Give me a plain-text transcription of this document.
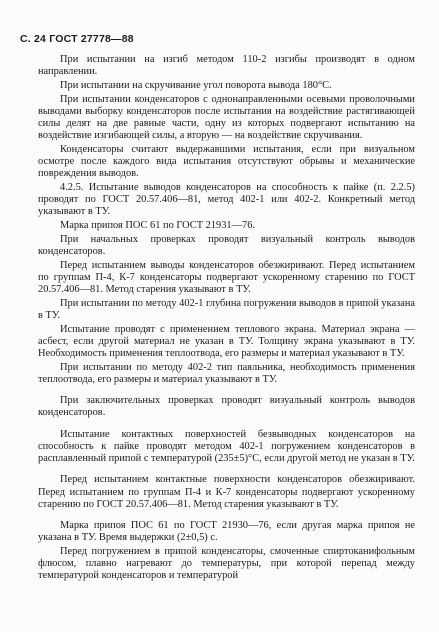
С. 24 ГОСТ 27778—88

При испытании на изгиб методом 110-2 изгибы производят в одном направлении.

При испытании на скручивание угол поворота вывода 180°С.

При испытании конденсаторов с однонаправленными осевыми проволочными выводами выборку конденсаторов после испытания на воздействие растягивающей силы делят на две равные части, одну из которых подвергают испытанию на воздействие изгибающей силы, а вторую — на воздействие скручивания.

Конденсаторы считают выдержавшими испытания, если при визуальном осмотре после каждого вида испытания отсутствуют обрывы и механические повреждения выводов.

4.2.5. Испытание выводов конденсаторов на способность к пайке (п. 2.2.5) проводят по ГОСТ 20.57.406—81, метод 402-1 или 402-2. Конкретный метод указывают в ТУ.

Марка припоя ПОС 61 по ГОСТ 21931—76.

При начальных проверках проводят визуальный контроль выводов конденсаторов.

Перед испытанием выводы конденсаторов обезжиривают. Перед испытанием по группам П-4, К-7 конденсаторы подвергают ускоренному старению по ГОСТ 20.57.406—81. Метод старения указывают в ТУ.

При испытании по методу 402-1 глубина погружения выводов в припой указана в ТУ.

Испытание проводят с применением теплового экрана. Материал экрана — асбест, если другой материал не указан в ТУ. Толщину экрана указывают в ТУ. Необходимость применения теплоотвода, его размеры и материал указывают в ТУ.

При испытании по методу 402-2 тип паяльника, необходимость применения теплоотвода, его размеры и материал указывают в ТУ.

При заключительных проверках проводят визуальный контроль выводов конденсаторов.

Испытание контактных поверхностей безвыводных конденсаторов на способность к пайке проводят методом 402-1 погружением конденсаторов в расплавленный припой с температурой (235±5)°С, если другой метод не указан в ТУ.

Перед испытанием контактные поверхности конденсаторов обезжиривают. Перед испытанием по группам П-4 и К-7 конденсаторы подвергают ускоренному старению по ГОСТ 20.57.406—81. Метод старения указывают в ТУ.

Марка припоя ПОС 61 по ГОСТ 21930—76, если другая марка припоя не указана в ТУ. Время выдержки (2±0,5) с.

Перед погружением в припой конденсаторы, смоченные спиртоканифольным флюсом, плавно нагревают до температуры, при которой перепад между температурой конденсаторов и температурой
